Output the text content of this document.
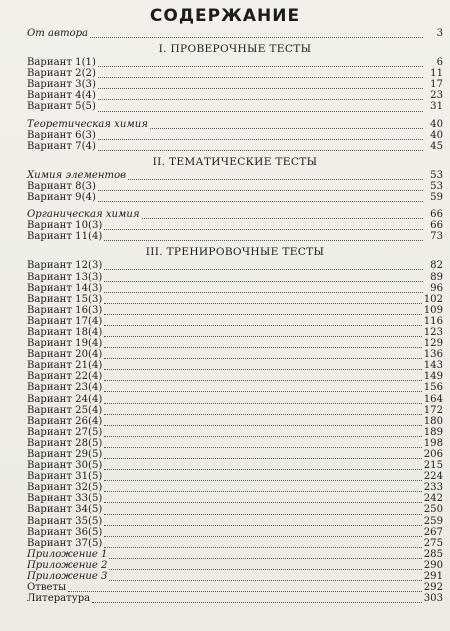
СОДЕРЖАНИЕ
От автора	3
I. ПРОВЕРОЧНЫЕ ТЕСТЫ
Вариант 1(1)	6
Вариант 2(2)	11
Вариант 3(3)	17
Вариант 4(4)	23
Вариант 5(5)	31
Теоретическая химия	40
Вариант 6(3)	40
Вариант 7(4)	45
II. ТЕМАТИЧЕСКИЕ ТЕСТЫ
Химия элементов	53
Вариант 8(3)	53
Вариант 9(4)	59
Органическая химия	66
Вариант 10(3)	66
Вариант 11(4)	73
III. ТРЕНИРОВОЧНЫЕ ТЕСТЫ
Вариант 12(3)	82
Вариант 13(3)	89
Вариант 14(3)	96
Вариант 15(3)	102
Вариант 16(3)	109
Вариант 17(4)	116
Вариант 18(4)	123
Вариант 19(4)	129
Вариант 20(4)	136
Вариант 21(4)	143
Вариант 22(4)	149
Вариант 23(4)	156
Вариант 24(4)	164
Вариант 25(4)	172
Вариант 26(4)	180
Вариант 27(5)	189
Вариант 28(5)	198
Вариант 29(5)	206
Вариант 30(5)	215
Вариант 31(5)	224
Вариант 32(5)	233
Вариант 33(5)	242
Вариант 34(5)	250
Вариант 35(5)	259
Вариант 36(5)	267
Вариант 37(5)	275
Приложение 1	285
Приложение 2	290
Приложение 3	291
Ответы	292
Литература	303
